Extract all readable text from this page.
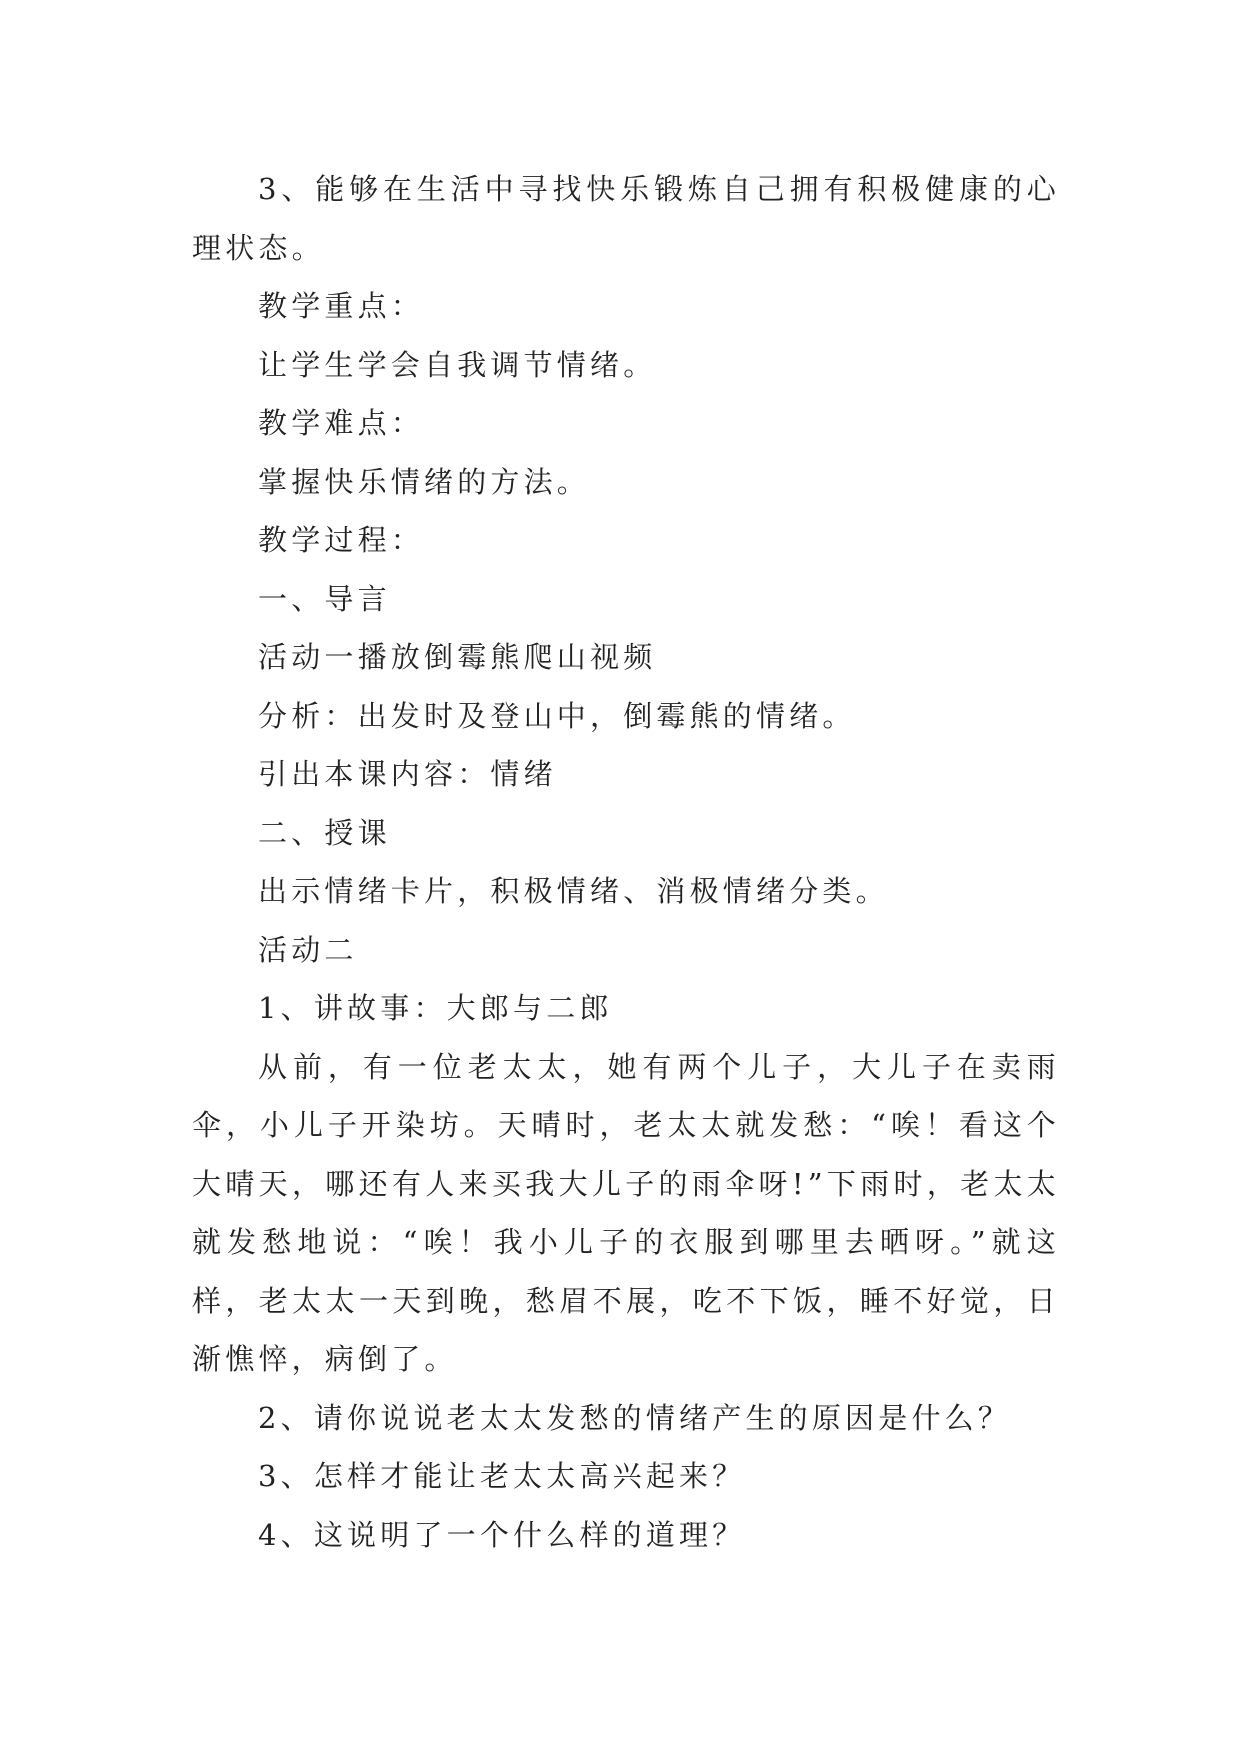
3、能够在生活中寻找快乐锻炼自己拥有积极健康的心理状态。

教学重点：

让学生学会自我调节情绪。

教学难点：

掌握快乐情绪的方法。

教学过程：

一、导言

活动一播放倒霉熊爬山视频

分析：出发时及登山中，倒霉熊的情绪。

引出本课内容：情绪

二、授课

出示情绪卡片，积极情绪、消极情绪分类。

活动二

1、讲故事：大郎与二郎

从前，有一位老太太，她有两个儿子，大儿子在卖雨伞，小儿子开染坊。天晴时，老太太就发愁：“唉！看这个大晴天，哪还有人来买我大儿子的雨伞呀!”下雨时，老太太就发愁地说：“唉！我小儿子的衣服到哪里去晒呀。”就这样，老太太一天到晚，愁眉不展，吃不下饭，睡不好觉，日渐憔悴，病倒了。

2、请你说说老太太发愁的情绪产生的原因是什么？

3、怎样才能让老太太高兴起来？

4、这说明了一个什么样的道理？
